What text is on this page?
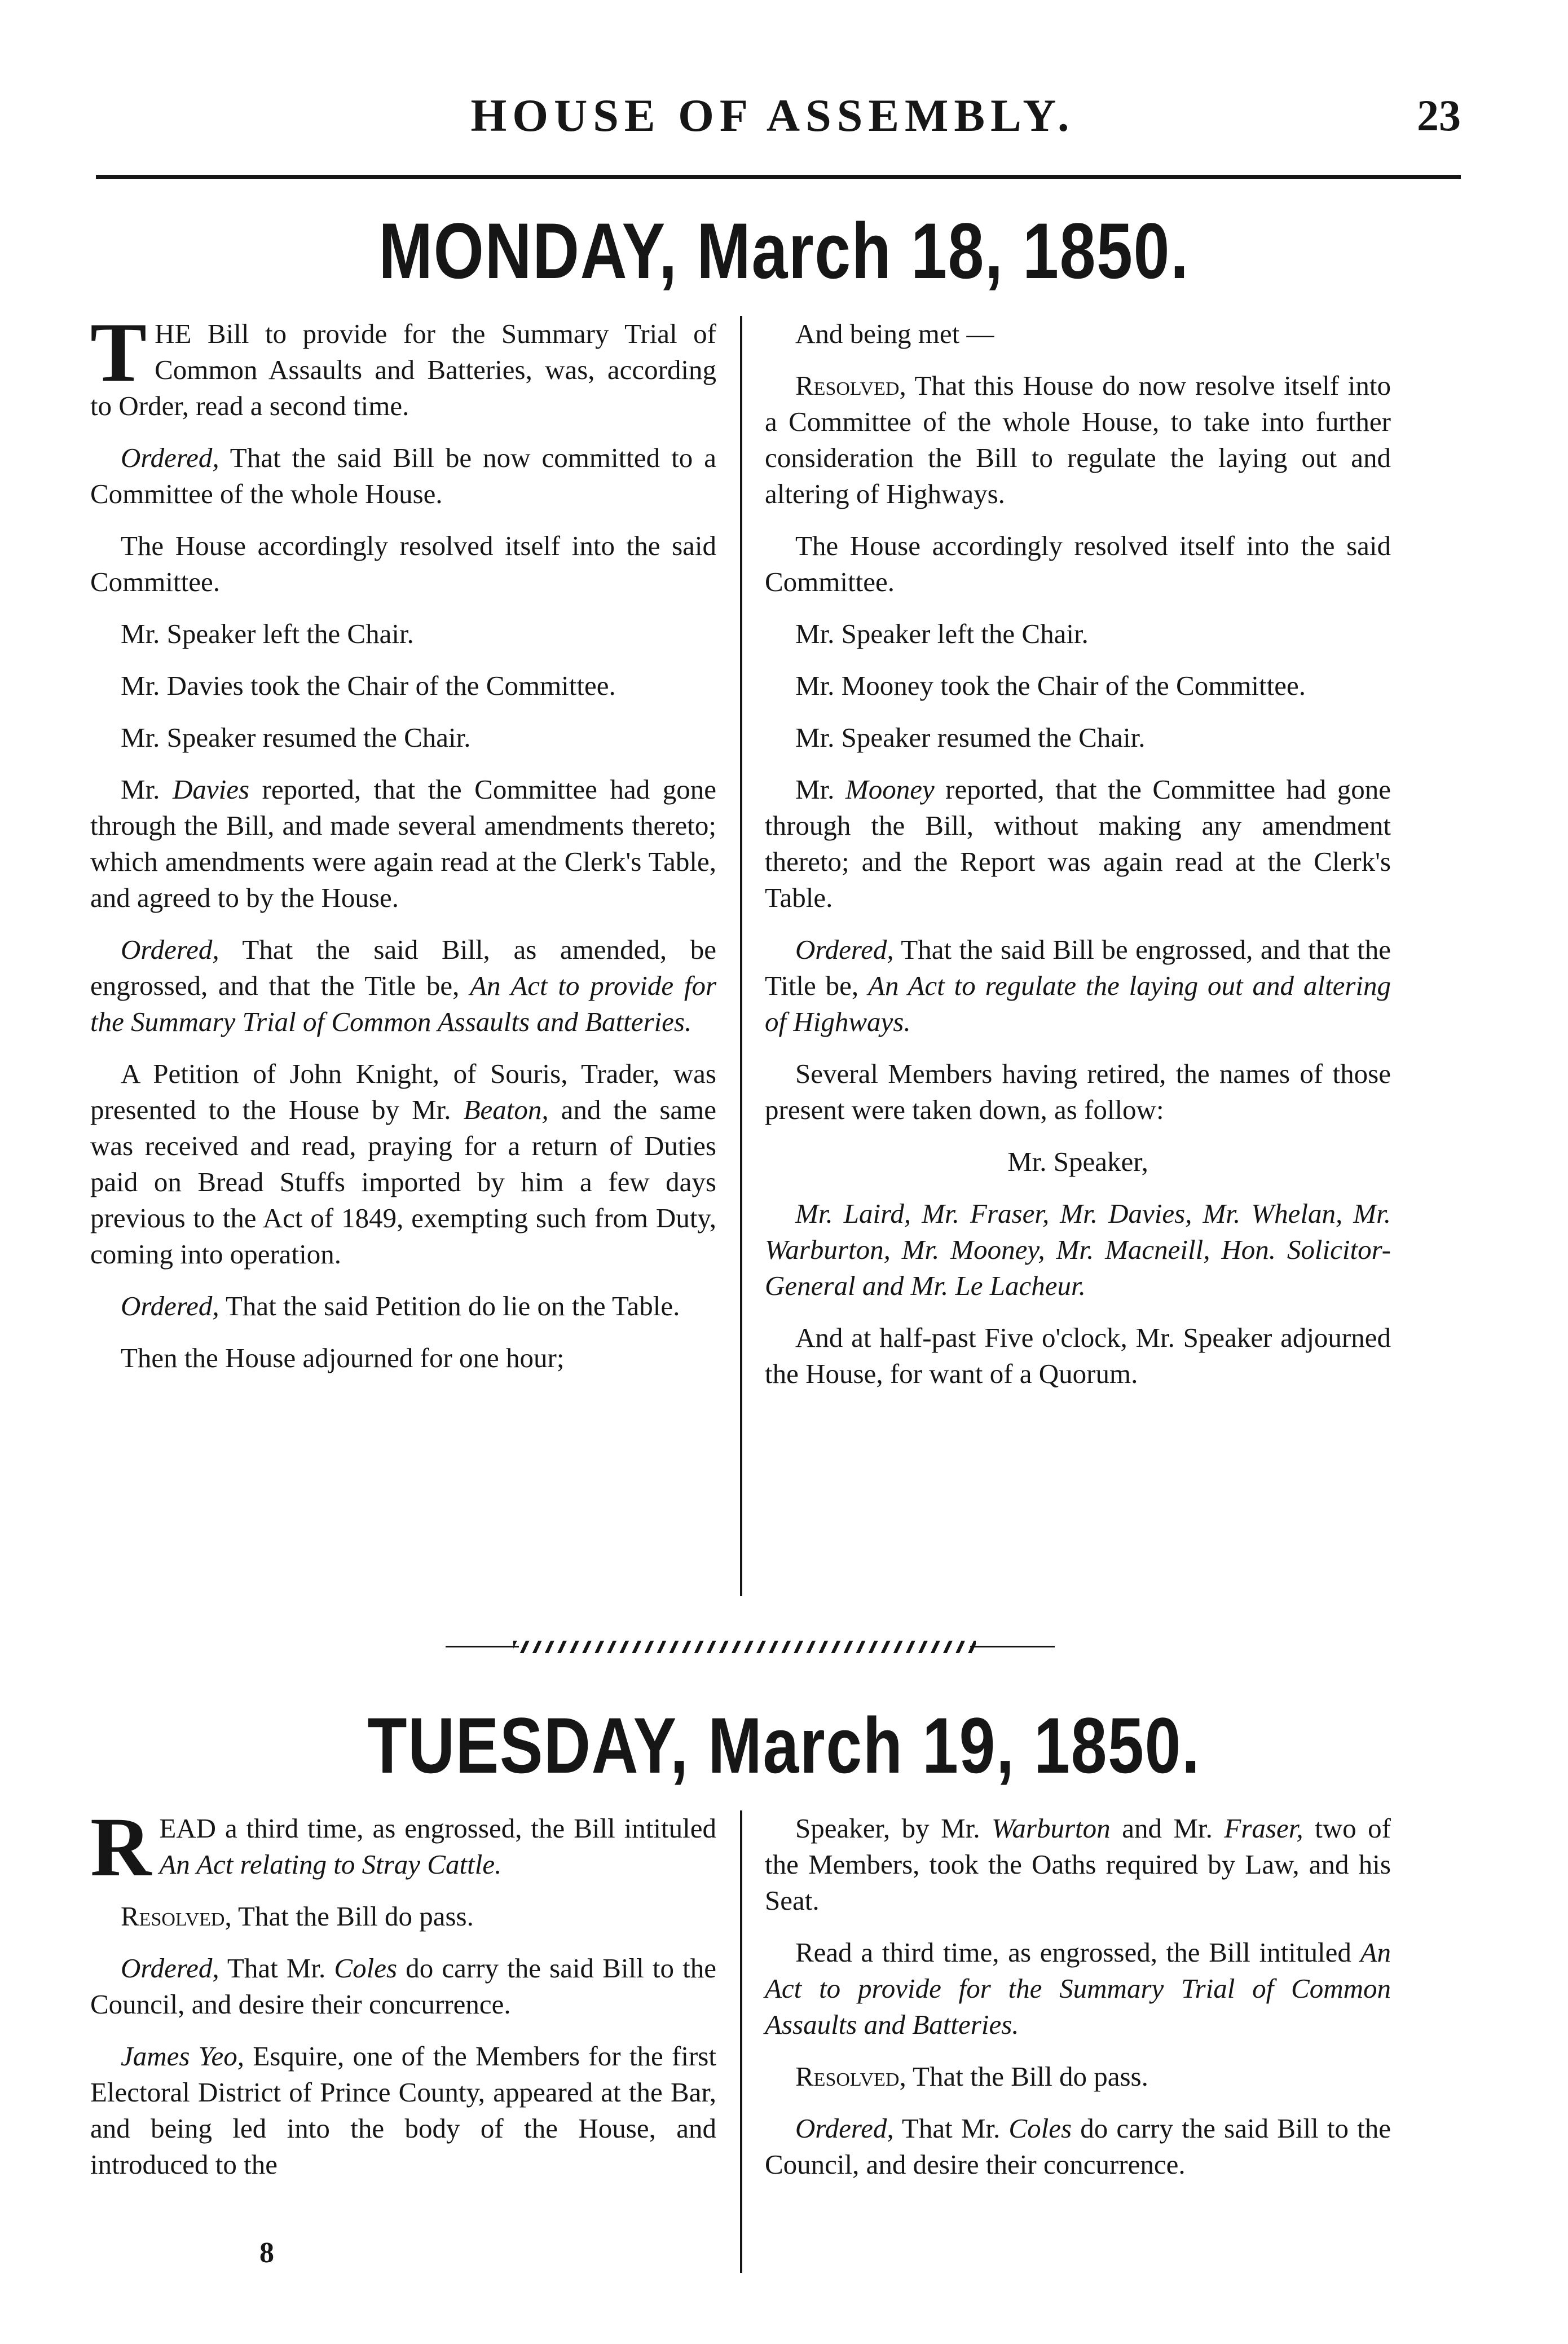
HOUSE OF ASSEMBLY.	23
MONDAY, March 18, 1850.

THE Bill to provide for the Summary Trial of Common Assaults and Batteries, was, according to Order, read a second time.

Ordered, That the said Bill be now committed to a Committee of the whole House.

The House accordingly resolved itself into the said Committee.

Mr. Speaker left the Chair.

Mr. Davies took the Chair of the Committee.

Mr. Speaker resumed the Chair.

Mr. Davies reported, that the Committee had gone through the Bill, and made several amendments thereto; which amendments were again read at the Clerk's Table, and agreed to by the House.

Ordered, That the said Bill, as amended, be engrossed, and that the Title be, An Act to provide for the Summary Trial of Common Assaults and Batteries.

A Petition of John Knight, of Souris, Trader, was presented to the House by Mr. Beaton, and the same was received and read, praying for a return of Duties paid on Bread Stuffs imported by him a few days previous to the Act of 1849, exempting such from Duty, coming into operation.

Ordered, That the said Petition do lie on the Table.

Then the House adjourned for one hour;

And being met —

Resolved, That this House do now resolve itself into a Committee of the whole House, to take into further consideration the Bill to regulate the laying out and altering of Highways.

The House accordingly resolved itself into the said Committee.

Mr. Speaker left the Chair.

Mr. Mooney took the Chair of the Committee.

Mr. Speaker resumed the Chair.

Mr. Mooney reported, that the Committee had gone through the Bill, without making any amendment thereto; and the Report was again read at the Clerk's Table.

Ordered, That the said Bill be engrossed, and that the Title be, An Act to regulate the laying out and altering of Highways.

Several Members having retired, the names of those present were taken down, as follow:

Mr. Speaker,

Mr. Laird, Mr. Fraser, Mr. Davies, Mr. Whelan, Mr. Warburton, Mr. Mooney, Mr. Macneill, Hon. Solicitor-General and Mr. Le Lacheur.

And at half-past Five o'clock, Mr. Speaker adjourned the House, for want of a Quorum.

TUESDAY, March 19, 1850.

READ a third time, as engrossed, the Bill intituled An Act relating to Stray Cattle.

Resolved, That the Bill do pass.

Ordered, That Mr. Coles do carry the said Bill to the Council, and desire their concurrence.

James Yeo, Esquire, one of the Members for the first Electoral District of Prince County, appeared at the Bar, and being led into the body of the House, and introduced to the

Speaker, by Mr. Warburton and Mr. Fraser, two of the Members, took the Oaths required by Law, and his Seat.

Read a third time, as engrossed, the Bill intituled An Act to provide for the Summary Trial of Common Assaults and Batteries.

Resolved, That the Bill do pass.

Ordered, That Mr. Coles do carry the said Bill to the Council, and desire their concurrence.

8
